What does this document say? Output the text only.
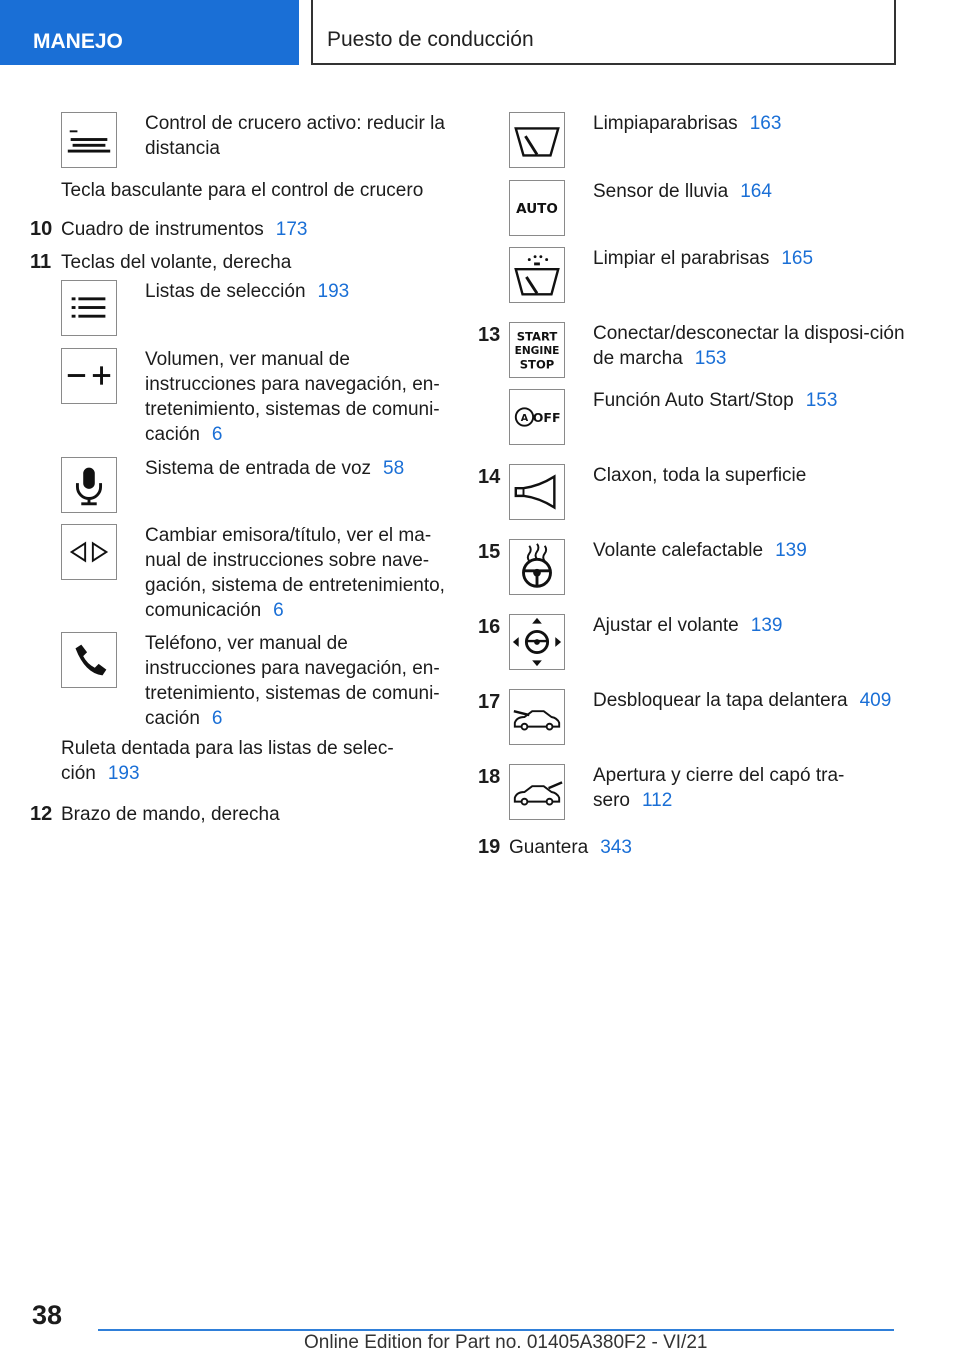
MANEJO	Puesto de conducción
Control de crucero activo: reducir la distancia
Tecla basculante para el control de crucero
10 Cuadro de instrumentos 173
11 Teclas del volante, derecha
Listas de selección 193
Volumen, ver manual de instrucciones para navegación, en-tretenimiento, sistemas de comuni-cación 6
Sistema de entrada de voz 58
Cambiar emisora/título, ver el ma-nual de instrucciones sobre nave-gación, sistema de entretenimiento, comunicación 6
Teléfono, ver manual de instrucciones para navegación, en-tretenimiento, sistemas de comuni-cación 6
Ruleta dentada para las listas de selec-ción 193
12 Brazo de mando, derecha
Limpiaparabrisas 163
AUTO
Sensor de lluvia 164
Limpiar el parabrisas 165
13 START
ENGINE
STOP
Conectar/desconectar la disposi-ción de marcha 153
A OFF
Función Auto Start/Stop 153
14	Claxon, toda la superficie
15	Volante calefactable 139
16	Ajustar el volante 139
17	Desbloquear la tapa delantera 409
18	Apertura y cierre del capó tra-sero 112
19 Guantera 343
38
Online Edition for Part no. 01405A380F2 - VI/21
